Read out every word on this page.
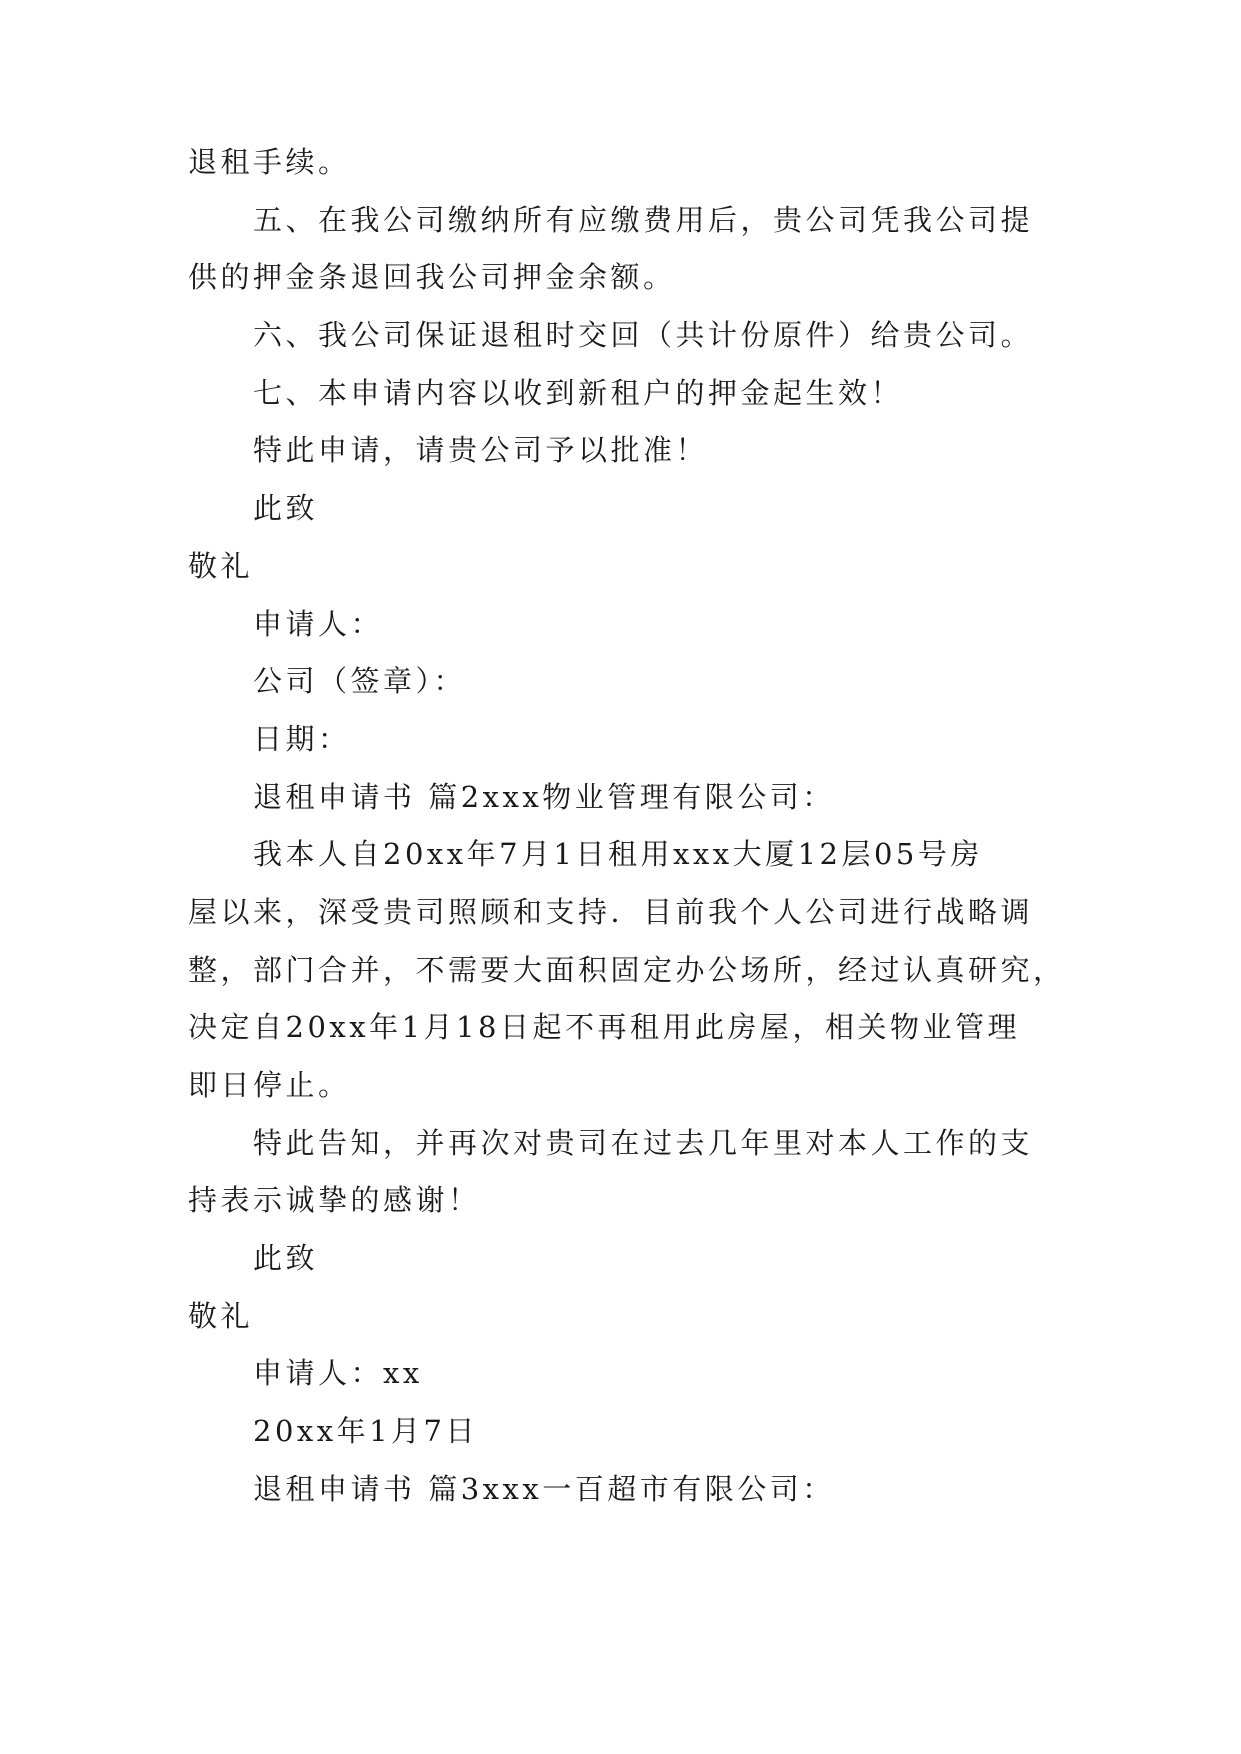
退租手续。
五、在我公司缴纳所有应缴费用后，贵公司凭我公司提
供的押金条退回我公司押金余额。
六、我公司保证退租时交回（共计份原件）给贵公司。
七、本申请内容以收到新租户的押金起生效！
特此申请，请贵公司予以批准！
此致
敬礼
申请人：
公司（签章）：
日期：
退租申请书 篇2xxx物业管理有限公司：
我本人自20xx年7月1日租用xxx大厦12层05号房
屋以来，深受贵司照顾和支持．目前我个人公司进行战略调
整，部门合并，不需要大面积固定办公场所，经过认真研究，
决定自20xx年1月18日起不再租用此房屋，相关物业管理
即日停止。
特此告知，并再次对贵司在过去几年里对本人工作的支
持表示诚挚的感谢！
此致
敬礼
申请人：xx
20xx年1月7日
退租申请书 篇3xxx一百超市有限公司：
